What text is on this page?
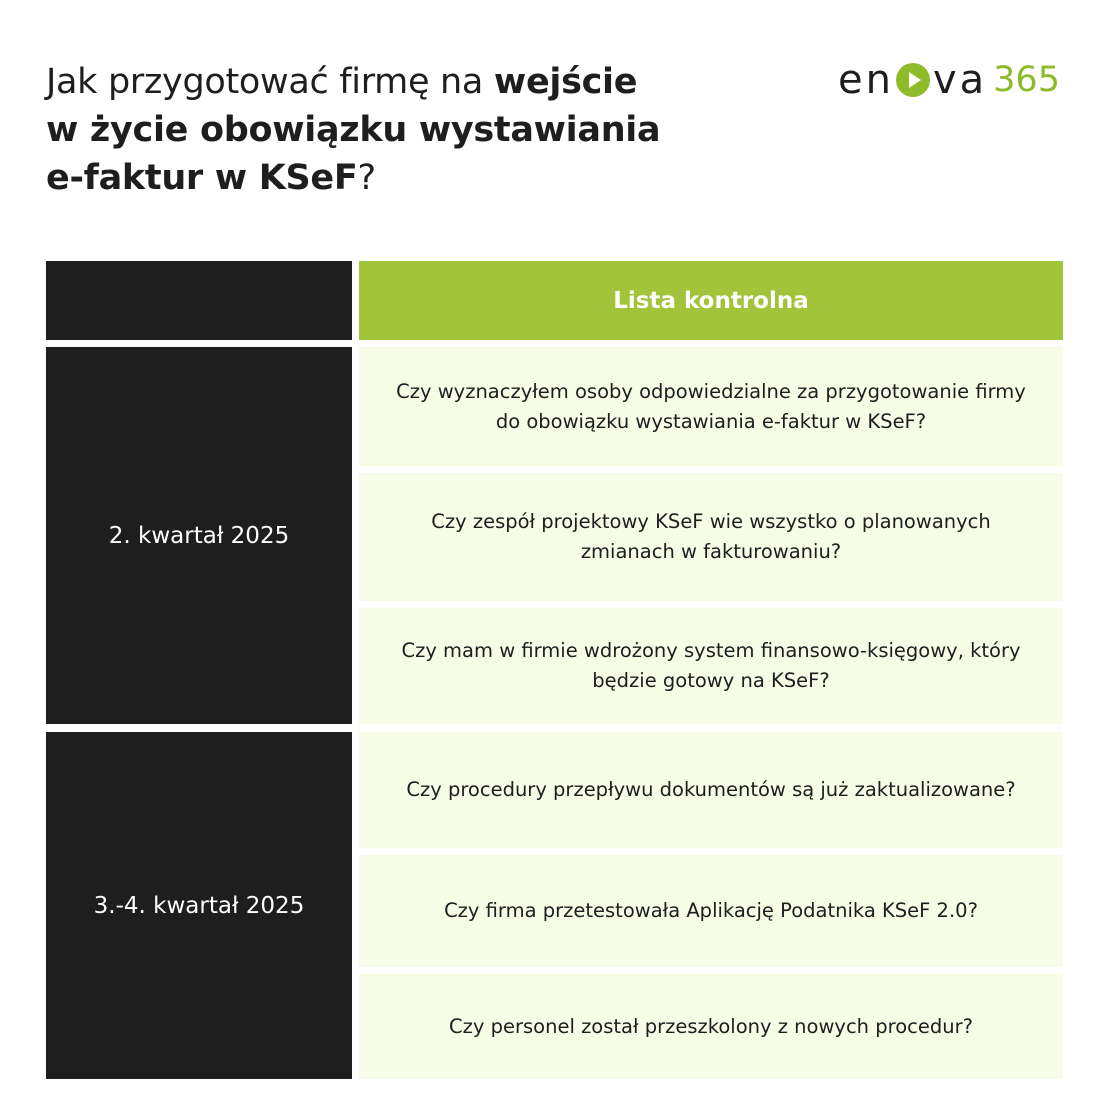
Jak przygotować firmę na wejście
w życie obowiązku wystawiania
e-faktur w KSeF?
en va 365
Lista kontrolna
2. kwartał 2025
3.-4. kwartał 2025
Czy wyznaczyłem osoby odpowiedzialne za przygotowanie firmy do obowiązku wystawiania e-faktur w KSeF?
Czy zespół projektowy KSeF wie wszystko o planowanych zmianach w fakturowaniu?
Czy mam w firmie wdrożony system finansowo-księgowy, który będzie gotowy na KSeF?
Czy procedury przepływu dokumentów są już zaktualizowane?
Czy firma przetestowała Aplikację Podatnika KSeF 2.0?
Czy personel został przeszkolony z nowych procedur?
